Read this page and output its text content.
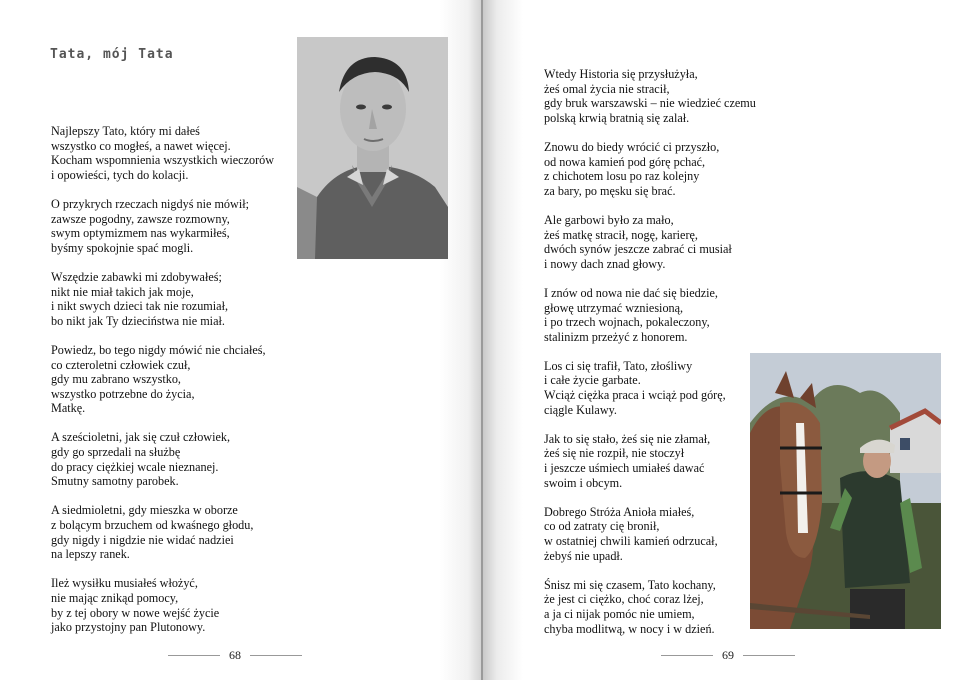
Tata, mój Tata
Najlepszy Tato, który mi dałeś
wszystko co mogłeś, a nawet więcej.
Kocham wspomnienia wszystkich wieczorów
i opowieści, tych do kolacji.
O przykrych rzeczach nigdyś nie mówił;
zawsze pogodny, zawsze rozmowny,
swym optymizmem nas wykarmiłeś,
byśmy spokojnie spać mogli.
Wszędzie zabawki mi zdobywałeś;
nikt nie miał takich jak moje,
i nikt swych dzieci tak nie rozumiał,
bo nikt jak Ty dzieciństwa nie miał.
Powiedz, bo tego nigdy mówić nie chciałeś,
co czteroletni człowiek czuł,
gdy mu zabrano wszystko,
wszystko potrzebne do życia,
Matkę.
A sześcioletni, jak się czuł człowiek,
gdy go sprzedali na służbę
do pracy ciężkiej wcale nieznanej.
Smutny samotny parobek.
A siedmioletni, gdy mieszka w oborze
z bolącym brzuchem od kwaśnego głodu,
gdy nigdy i nigdzie nie widać nadziei
na lepszy ranek.
Ileż wysiłku musiałeś włożyć,
nie mając znikąd pomocy,
by z tej obory w nowe wejść życie
jako przystojny pan Plutonowy.
68
Wtedy Historia się przysłużyła,
żeś omal życia nie stracił,
gdy bruk warszawski – nie wiedzieć czemu
polską krwią bratnią się zalał.
Znowu do biedy wrócić ci przyszło,
od nowa kamień pod górę pchać,
z chichotem losu po raz kolejny
za bary, po męsku się brać.
Ale garbowi było za mało,
żeś matkę stracił, nogę, karierę,
dwóch synów jeszcze zabrać ci musiał
i nowy dach znad głowy.
I znów od nowa nie dać się biedzie,
głowę utrzymać wzniesioną,
i po trzech wojnach, pokaleczony,
stalinizm przeżyć z honorem.
Los ci się trafił, Tato, złośliwy
i całe życie garbate.
Wciąż ciężka praca i wciąż pod górę,
ciągle Kulawy.
Jak to się stało, żeś się nie złamał,
żeś się nie rozpił, nie stoczył
i jeszcze uśmiech umiałeś dawać
swoim i obcym.
Dobrego Stróża Anioła miałeś,
co od zatraty cię bronił,
w ostatniej chwili kamień odrzucał,
żebyś nie upadł.
Śnisz mi się czasem, Tato kochany,
że jest ci ciężko, choć coraz lżej,
a ja ci nijak pomóc nie umiem,
chyba modlitwą, w nocy i w dzień.
69
